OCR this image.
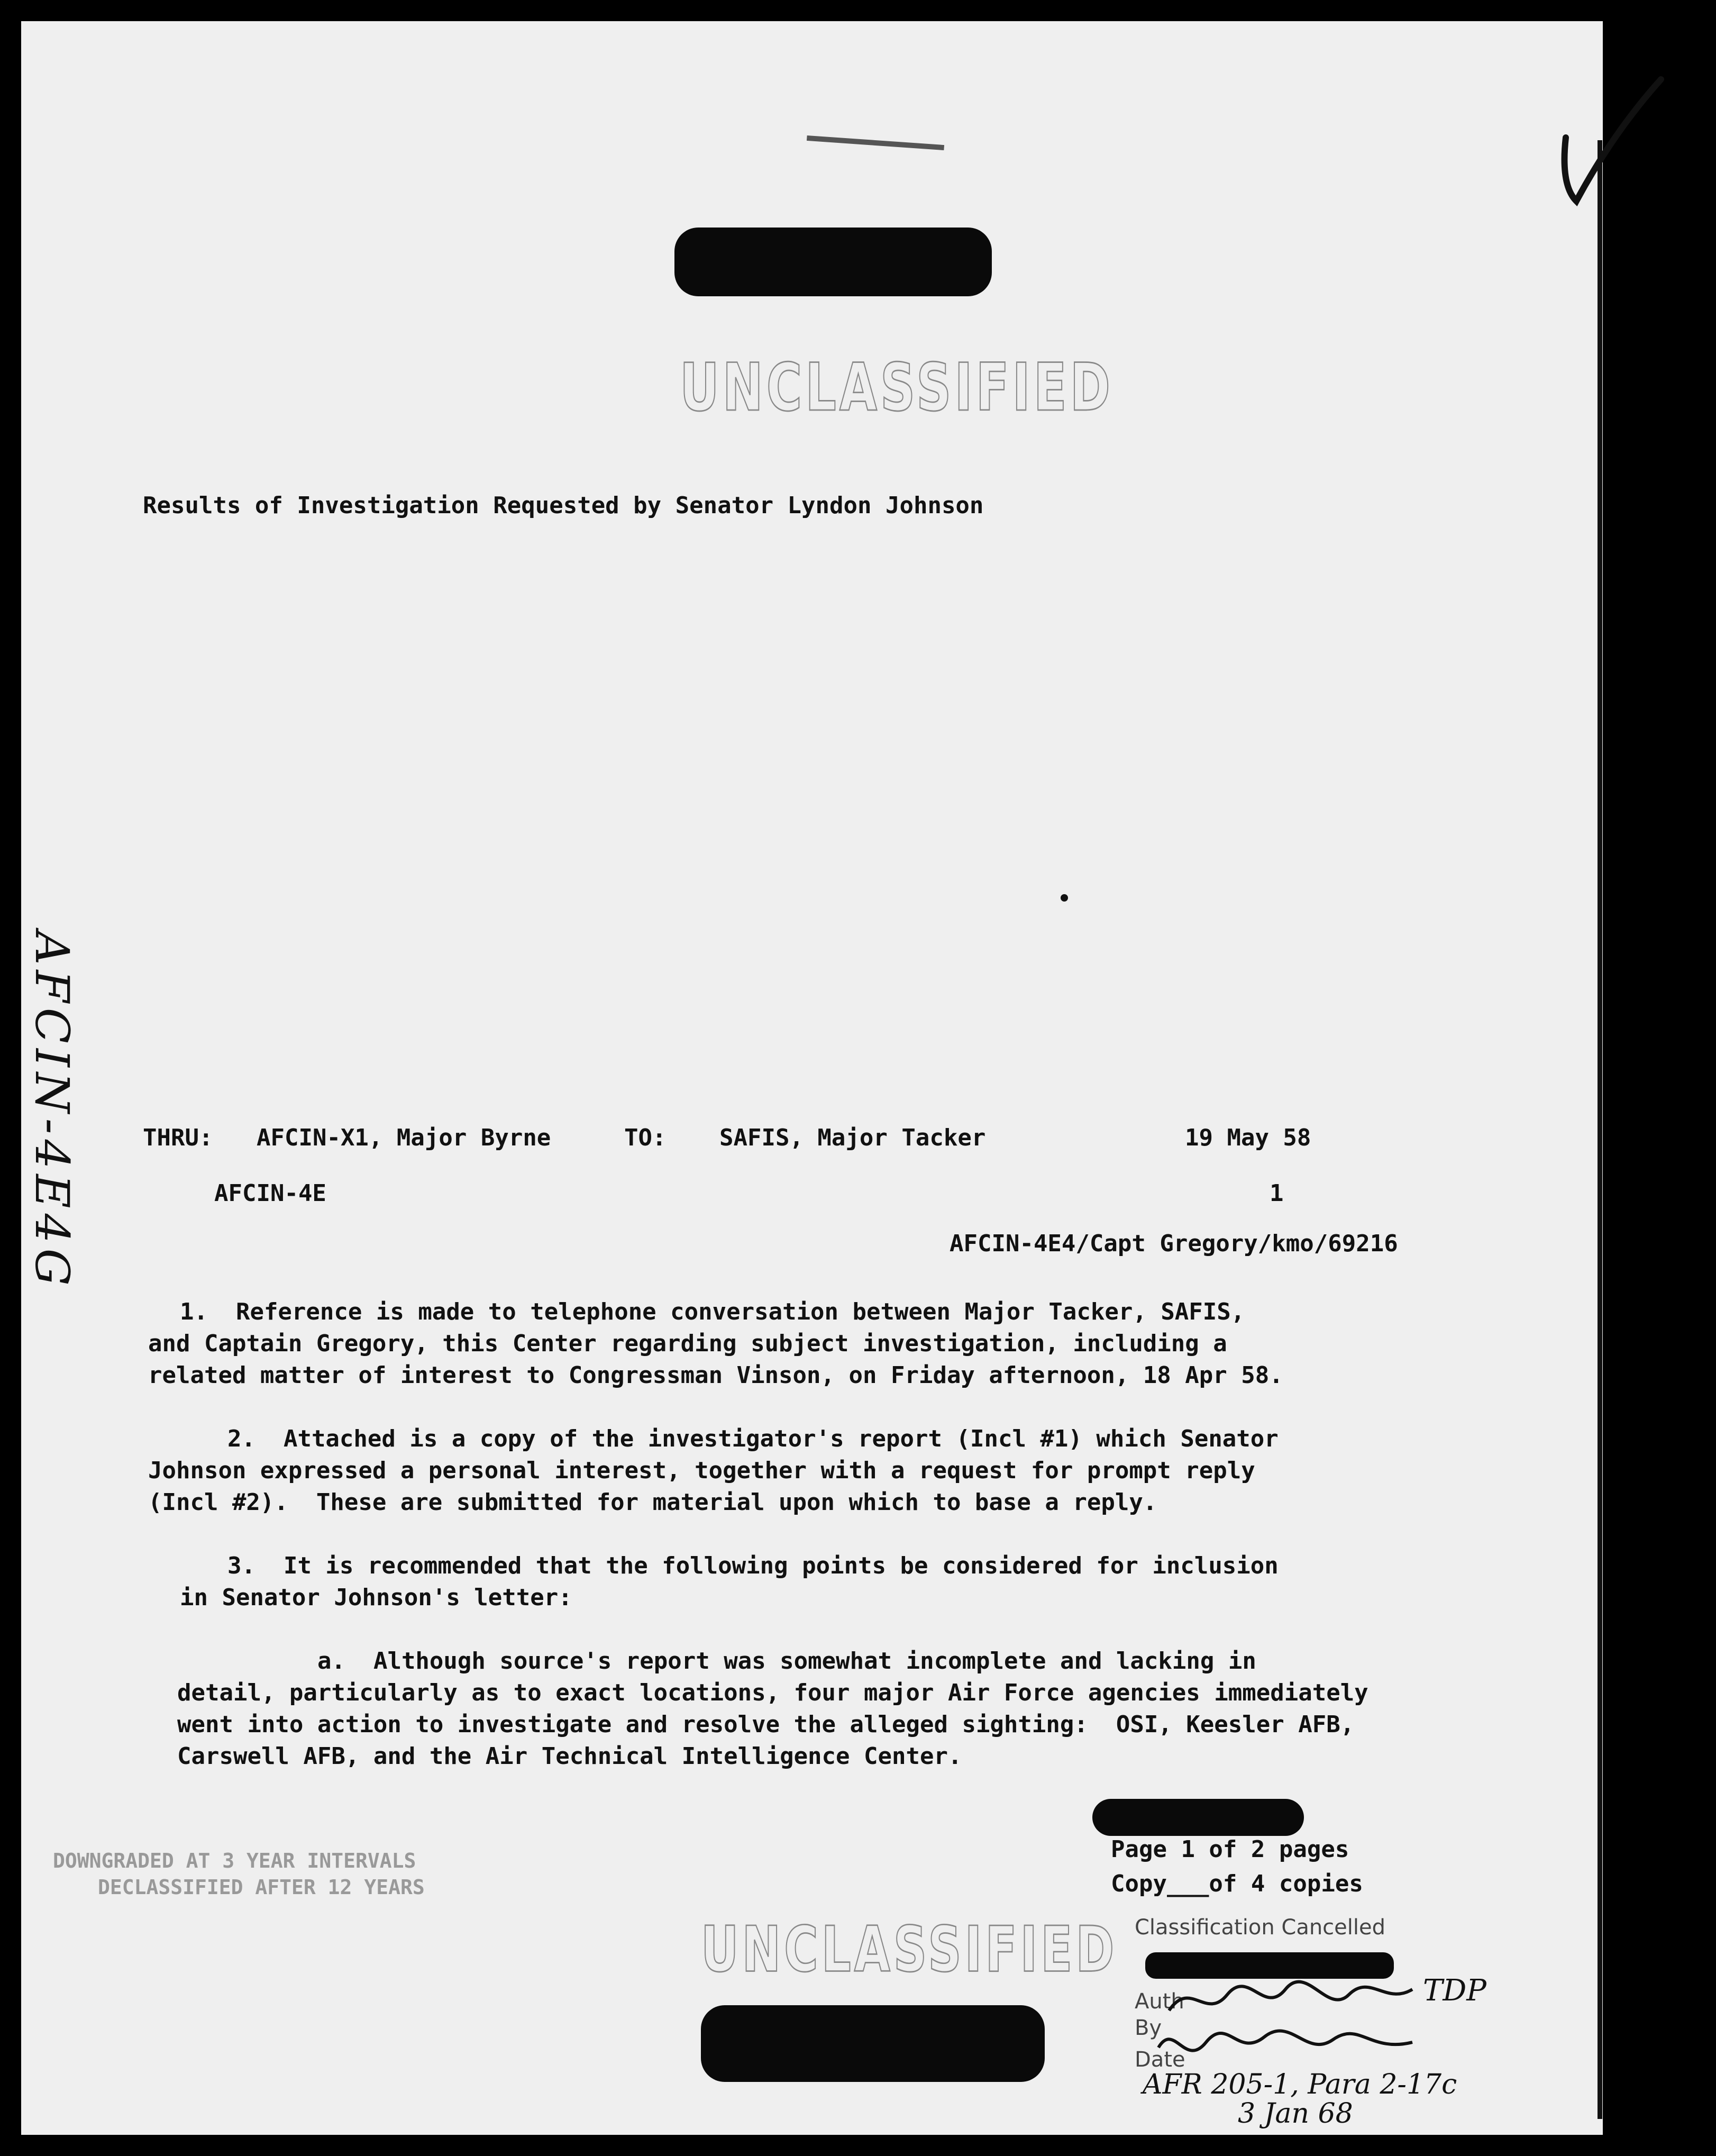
UNCLASSIFIED
Results of Investigation Requested by Senator Lyndon Johnson
AFCIN-4E4G	THRU: AFCIN-X1, Major Byrne	TO: SAFIS, Major Tacker	19 May 58
AFCIN-4E	1
AFCIN-4E4/Capt Gregory/kmo/69216

1.  Reference is made to telephone conversation between Major Tacker, SAFIS,

and Captain Gregory, this Center regarding subject investigation, including a

related matter of interest to Congressman Vinson, on Friday afternoon, 18 Apr 58.

2.  Attached is a copy of the investigator's report (Incl #1) which Senator

Johnson expressed a personal interest, together with a request for prompt reply

(Incl #2).  These are submitted for material upon which to base a reply.

3.  It is recommended that the following points be considered for inclusion

in Senator Johnson's letter:

a.  Although source's report was somewhat incomplete and lacking in

detail, particularly as to exact locations, four major Air Force agencies immediately

went into action to investigate and resolve the alleged sighting:  OSI, Keesler AFB,

Carswell AFB, and the Air Technical Intelligence Center.

DOWNGRADED AT 3 YEAR INTERVALS
DECLASSIFIED AFTER 12 YEARS
Page 1 of 2 pages
Copy___of 4 copies
Classification Cancelled
Auth
By
Date
TDP
AFR 205-1, Para 2-17c
3 Jan 68
UNCLASSIFIED
